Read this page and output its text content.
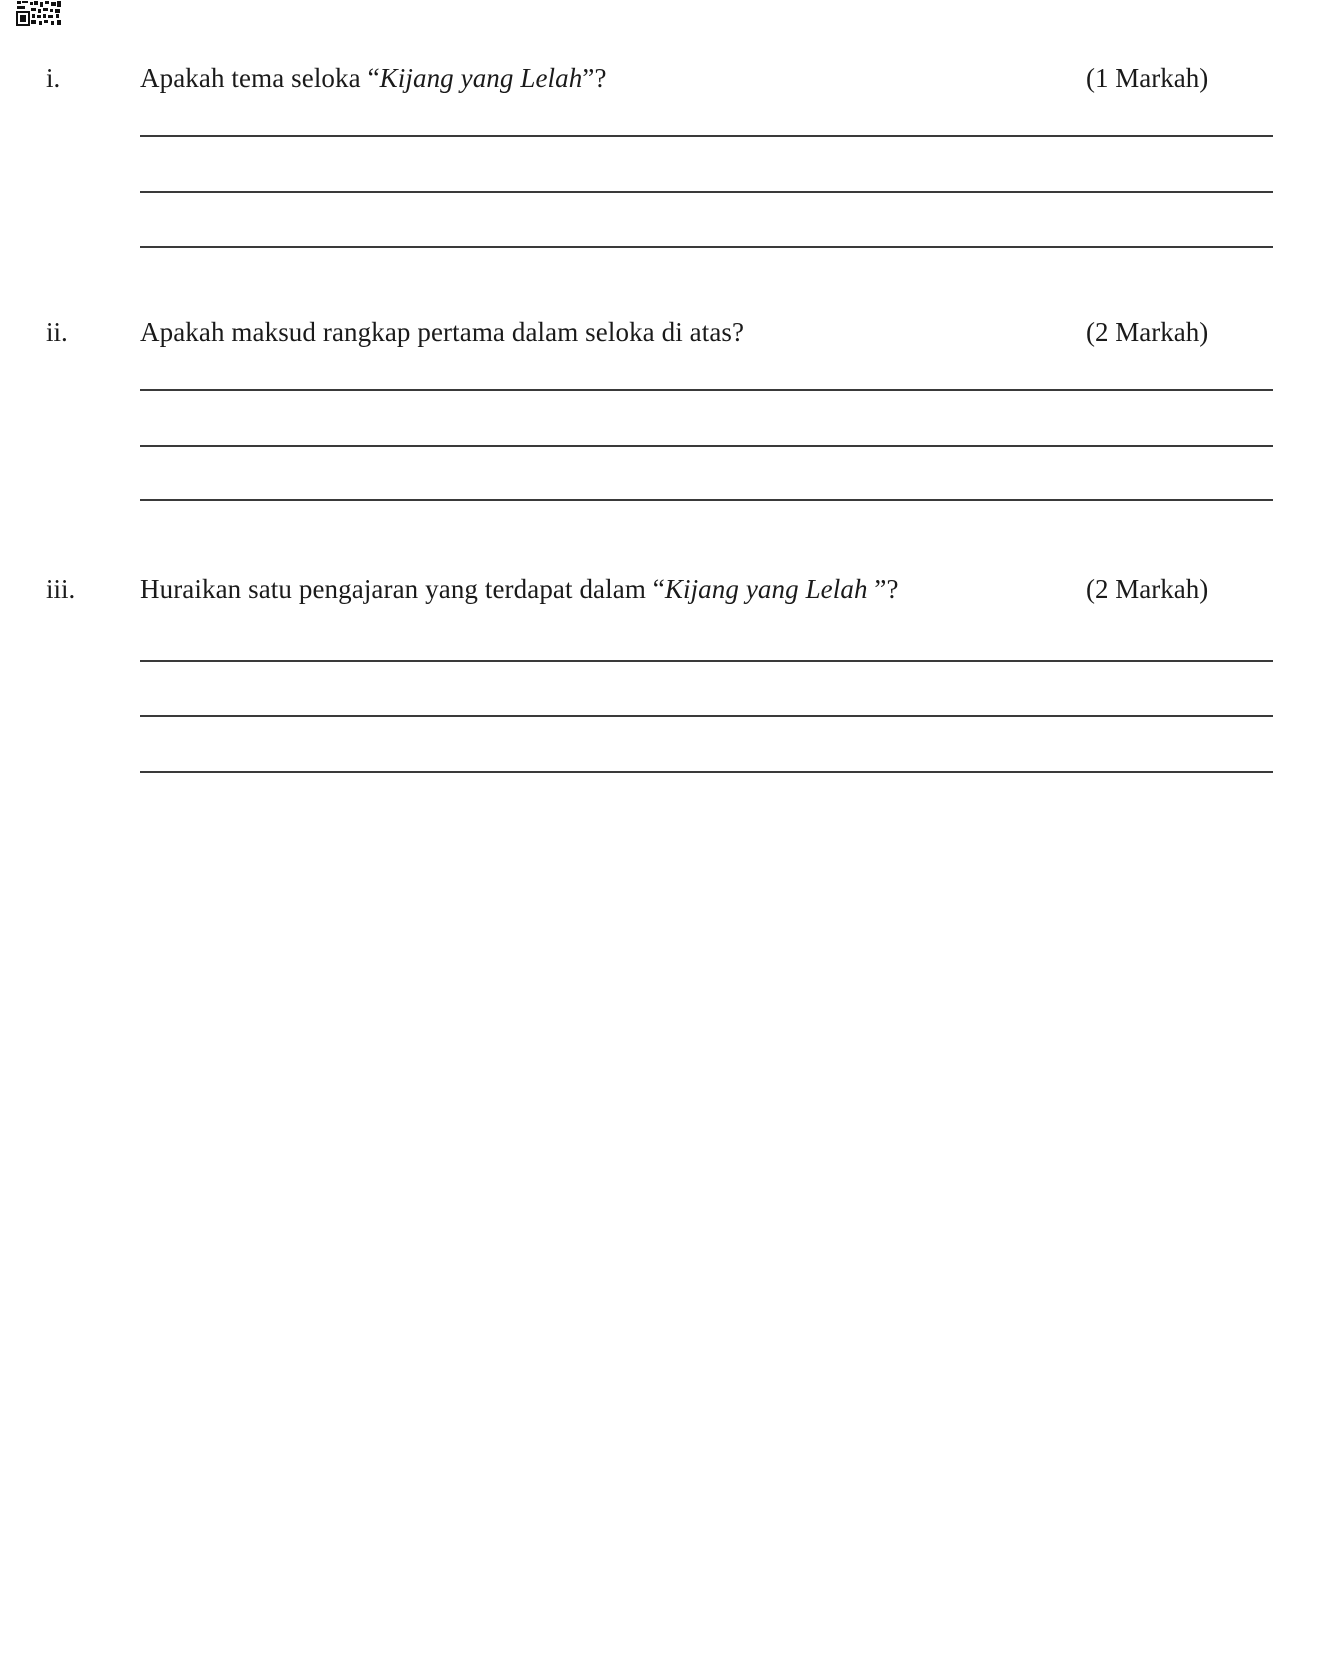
i.	Apakah tema seloka “Kijang yang Lelah”?	(1 Markah)
ii.	Apakah maksud rangkap pertama dalam seloka di atas?	(2 Markah)
iii. Huraikan satu pengajaran yang terdapat dalam “Kijang yang Lelah ”?	(2 Markah)
